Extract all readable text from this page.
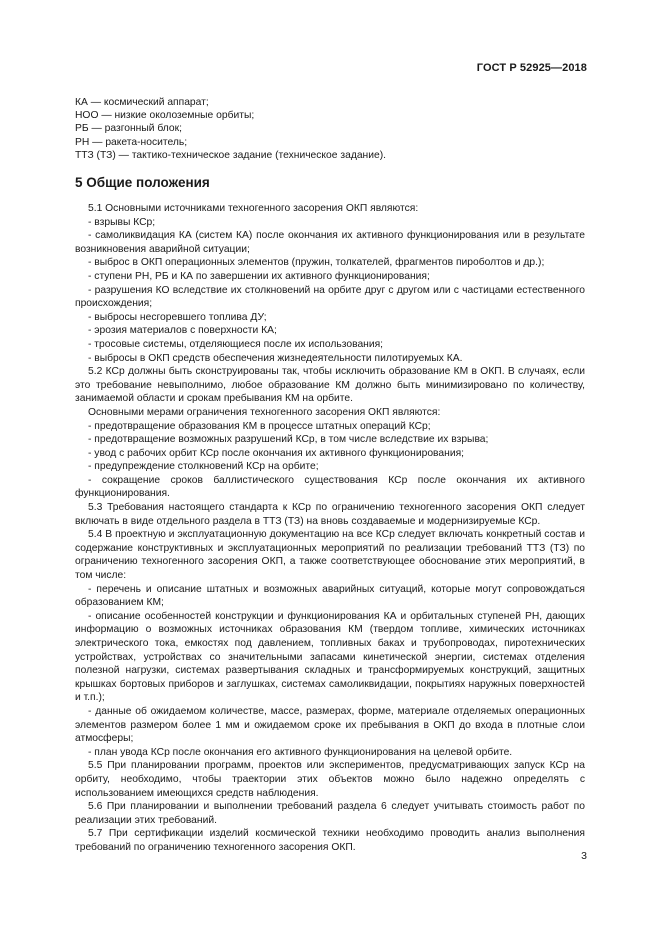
ГОСТ Р 52925—2018
КА — космический аппарат;
НОО — низкие околоземные орбиты;
РБ — разгонный блок;
РН — ракета-носитель;
ТТЗ (ТЗ) — тактико-техническое задание (техническое задание).
5 Общие положения

5.1 Основными источниками техногенного засорения ОКП являются:

- взрывы КСр;

- самоликвидация КА (систем КА) после окончания их активного функционирования или в результате возникновения аварийной ситуации;

- выброс в ОКП операционных элементов (пружин, толкателей, фрагментов пироболтов и др.);

- ступени РН, РБ и КА по завершении их активного функционирования;

- разрушения КО вследствие их столкновений на орбите друг с другом или с частицами естественного происхождения;

- выбросы несгоревшего топлива ДУ;

- эрозия материалов с поверхности КА;

- тросовые системы, отделяющиеся после их использования;

- выбросы в ОКП средств обеспечения жизнедеятельности пилотируемых КА.

5.2 КСр должны быть сконструированы так, чтобы исключить образование КМ в ОКП. В случаях, если это требование невыполнимо, любое образование КМ должно быть минимизировано по количеству, занимаемой области и срокам пребывания КМ на орбите.

Основными мерами ограничения техногенного засорения ОКП являются:

- предотвращение образования КМ в процессе штатных операций КСр;

- предотвращение возможных разрушений КСр, в том числе вследствие их взрыва;

- увод с рабочих орбит КСр после окончания их активного функционирования;

- предупреждение столкновений КСр на орбите;

- сокращение сроков баллистического существования КСр после окончания их активного функционирования.

5.3 Требования настоящего стандарта к КСр по ограничению техногенного засорения ОКП следует включать в виде отдельного раздела в ТТЗ (ТЗ) на вновь создаваемые и модернизируемые КСр.

5.4 В проектную и эксплуатационную документацию на все КСр следует включать конкретный состав и содержание конструктивных и эксплуатационных мероприятий по реализации требований ТТЗ (ТЗ) по ограничению техногенного засорения ОКП, а также соответствующее обоснование этих мероприятий, в том числе:

- перечень и описание штатных и возможных аварийных ситуаций, которые могут сопровождаться образованием КМ;

- описание особенностей конструкции и функционирования КА и орбитальных ступеней РН, дающих информацию о возможных источниках образования КМ (твердом топливе, химических источниках электрического тока, емкостях под давлением, топливных баках и трубопроводах, пиротехнических устройствах, устройствах со значительными запасами кинетической энергии, системах отделения полезной нагрузки, системах развертывания складных и трансформируемых конструкций, защитных крышках бортовых приборов и заглушках, системах самоликвидации, покрытиях наружных поверхностей и т.п.);

- данные об ожидаемом количестве, массе, размерах, форме, материале отделяемых операционных элементов размером более 1 мм и ожидаемом сроке их пребывания в ОКП до входа в плотные слои атмосферы;

- план увода КСр после окончания его активного функционирования на целевой орбите.

5.5 При планировании программ, проектов или экспериментов, предусматривающих запуск КСр на орбиту, необходимо, чтобы траектории этих объектов можно было надежно определять с использованием имеющихся средств наблюдения.

5.6 При планировании и выполнении требований раздела 6 следует учитывать стоимость работ по реализации этих требований.

5.7 При сертификации изделий космической техники необходимо проводить анализ выполнения требований по ограничению техногенного засорения ОКП.

3
